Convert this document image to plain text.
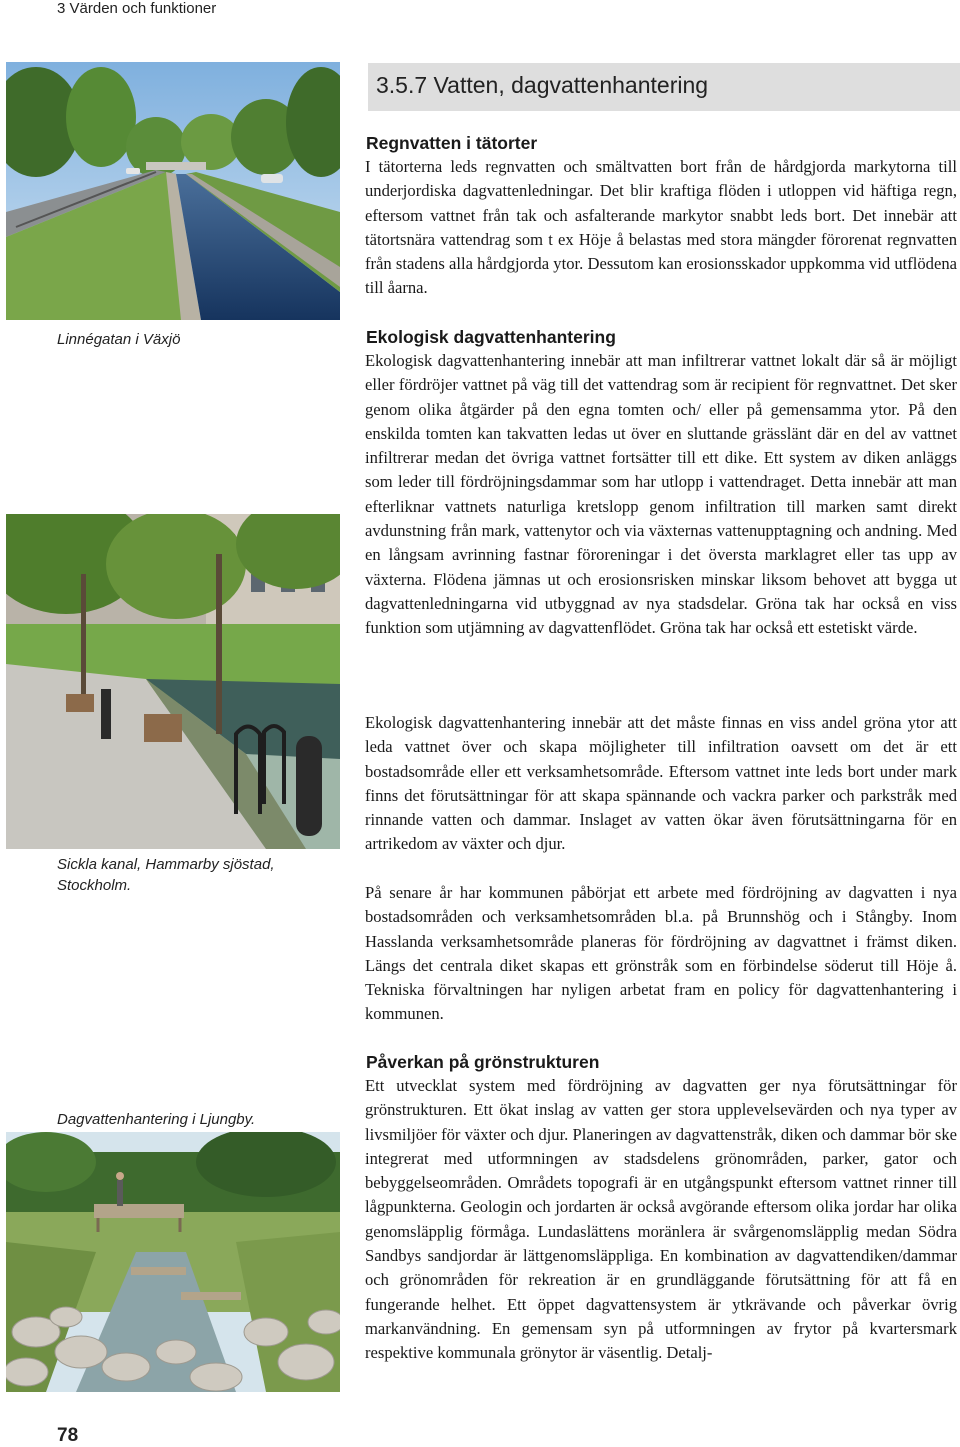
3 Värden och funktioner
Linnégatan i Växjö
Sickla kanal, Hammarby sjöstad, Stockholm.
Dagvattenhantering i Ljungby.
3.5.7 Vatten, dagvattenhantering
Regnvatten i tätorter

I tätorterna leds regnvatten och smältvatten bort från de hårdgjorda markytorna till underjordiska dagvattenledningar. Det blir kraftiga flöden i utloppen vid häftiga regn, eftersom vattnet från tak och asfalterande markytor snabbt leds bort. Det innebär att tätortsnära vattendrag som t ex Höje å belastas med stora mängder förorenat regnvatten från stadens alla hårdgjorda ytor. Dessutom kan erosionsskador uppkomma vid utflödena till åarna.

Ekologisk dagvattenhantering

Ekologisk dagvattenhantering innebär att man infiltrerar vattnet lokalt där så är möjligt eller fördröjer vattnet på väg till det vattendrag som är recipient för regnvattnet. Det sker genom olika åtgärder på den egna tomten och/ eller på gemensamma ytor. På den enskilda tomten kan takvatten ledas ut över en sluttande grässlänt där en del av vattnet infiltrerar medan det övriga vattnet fortsätter till ett dike. Ett system av diken anläggs som leder till fördröjningsdammar som har utlopp i vattendraget. Detta innebär att man efterliknar vattnets naturliga kretslopp genom infiltration till marken samt direkt avdunstning från mark, vattenytor och via växternas vattenupptagning och andning. Med en långsam avrinning fastnar föroreningar i det översta marklagret eller tas upp av växterna. Flödena jämnas ut och erosionsrisken minskar liksom behovet att bygga ut dagvattenledningarna vid utbyggnad av nya stadsdelar. Gröna tak har också en viss funktion som utjämning av dagvattenflödet. Gröna tak har också ett estetiskt värde.

Ekologisk dagvattenhantering innebär att det måste finnas en viss andel gröna ytor att leda vattnet över och skapa möjligheter till infiltration oavsett om det är ett bostadsområde eller ett verksamhetsområde. Eftersom vattnet inte leds bort under mark finns det förutsättningar för att skapa spännande och vackra parker och parkstråk med rinnande vatten och dammar. Inslaget av vatten ökar även förutsättningarna för en artrikedom av växter och djur.

På senare år har kommunen påbörjat ett arbete med fördröjning av dagvatten i nya bostadsområden och verksamhetsområden bl.a. på Brunnshög och i Stångby. Inom Hasslanda verksamhetsområde planeras för fördröjning av dagvattnet i främst diken. Längs det centrala diket skapas ett grönstråk som en förbindelse söderut till Höje å. Tekniska förvaltningen har nyligen arbetat fram en policy för dagvattenhantering i kommunen.

Påverkan på grönstrukturen

Ett utvecklat system med fördröjning av dagvatten ger nya förutsättningar för grönstrukturen. Ett ökat inslag av vatten ger stora upplevelsevärden och nya typer av livsmiljöer för växter och djur. Planeringen av dagvattenstråk, diken och dammar bör ske integrerat med utformningen av stadsdelens grönområden, parker, gator och bebyggelseområden. Områdets topografi är en utgångspunkt eftersom vattnet rinner till lågpunkterna. Geologin och jordarten är också avgörande eftersom olika jordar har olika genomsläpplig förmåga. Lundaslättens moränlera är svårgenomsläpplig medan Södra Sandbys sandjordar är lättgenomsläppliga. En kombination av dagvattendiken/dammar och grönområden för rekreation är en grundläggande förutsättning för att få en fungerande helhet. Ett öppet dagvattensystem är ytkrävande och påverkar övrig markanvändning. En gemensam syn på utformningen av frytor på kvartersmark respektive kommunala grönytor är väsentlig. Detalj-

78
